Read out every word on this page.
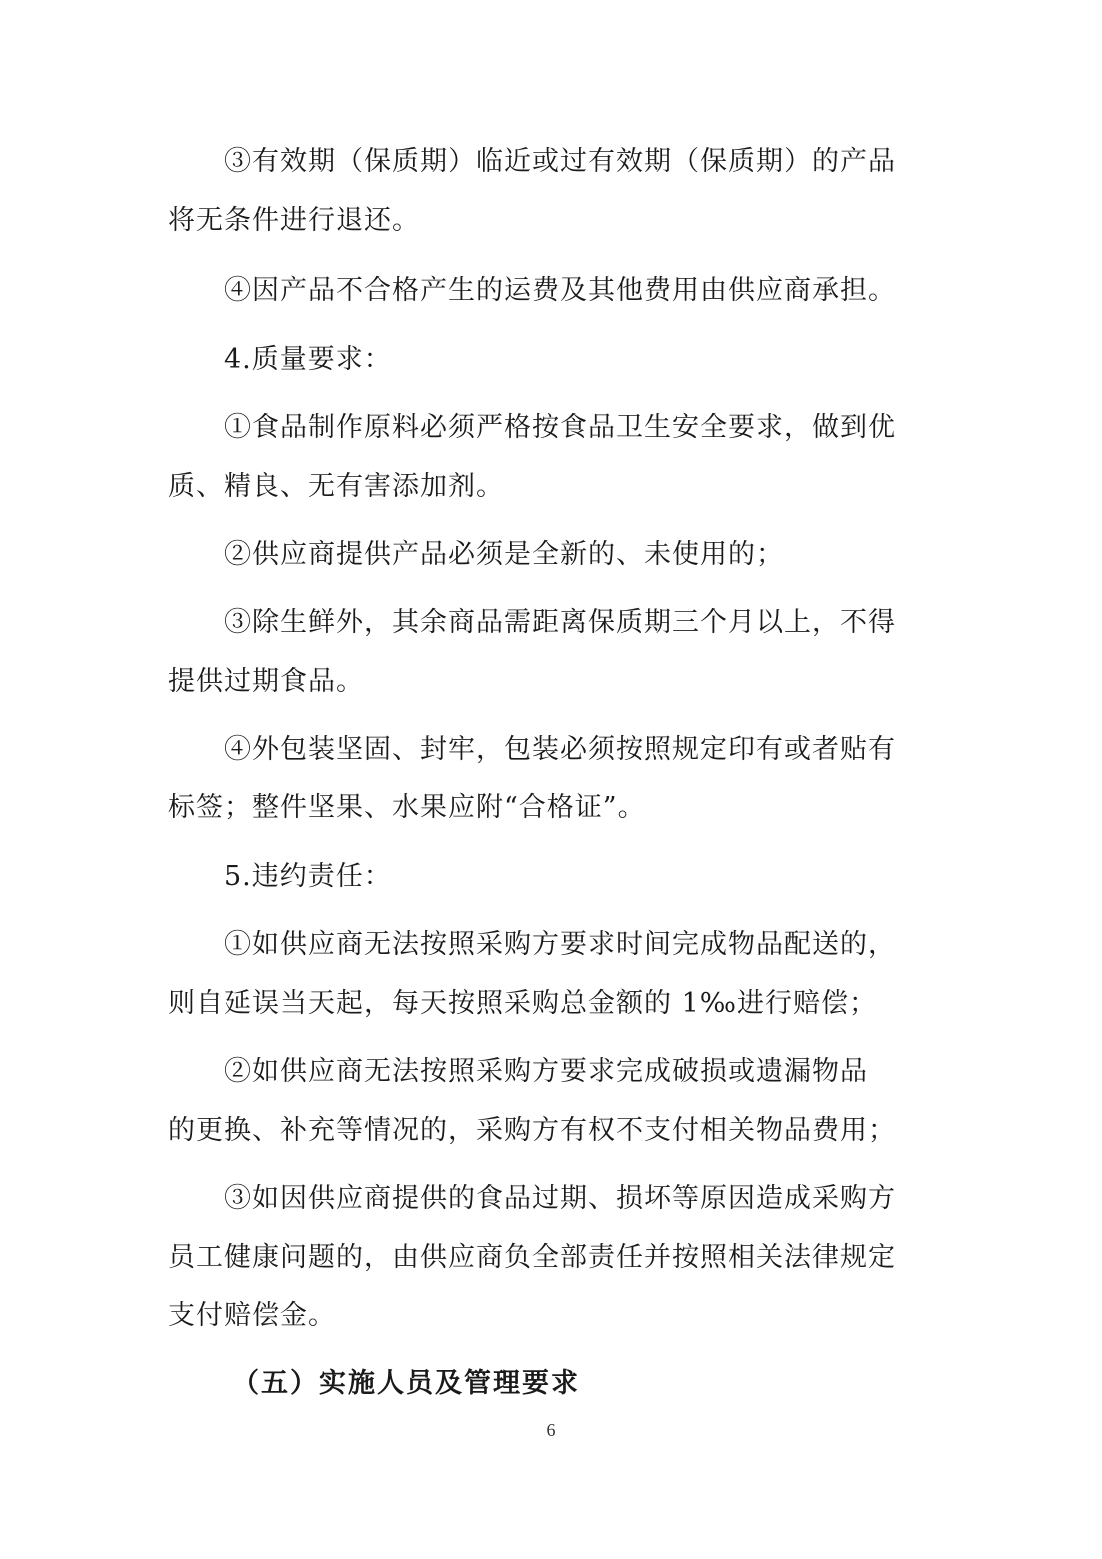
③有效期（保质期）临近或过有效期（保质期）的产品
将无条件进行退还。
④因产品不合格产生的运费及其他费用由供应商承担。
4.质量要求：
①食品制作原料必须严格按食品卫生安全要求，做到优
质、精良、无有害添加剂。
②供应商提供产品必须是全新的、未使用的；
③除生鲜外，其余商品需距离保质期三个月以上，不得
提供过期食品。
④外包装坚固、封牢，包装必须按照规定印有或者贴有
标签；整件坚果、水果应附“合格证”。
5.违约责任：
①如供应商无法按照采购方要求时间完成物品配送的，
则自延误当天起，每天按照采购总金额的 1‰进行赔偿；
②如供应商无法按照采购方要求完成破损或遗漏物品
的更换、补充等情况的，采购方有权不支付相关物品费用；
③如因供应商提供的食品过期、损坏等原因造成采购方
员工健康问题的，由供应商负全部责任并按照相关法律规定
支付赔偿金。
（五）实施人员及管理要求
6
